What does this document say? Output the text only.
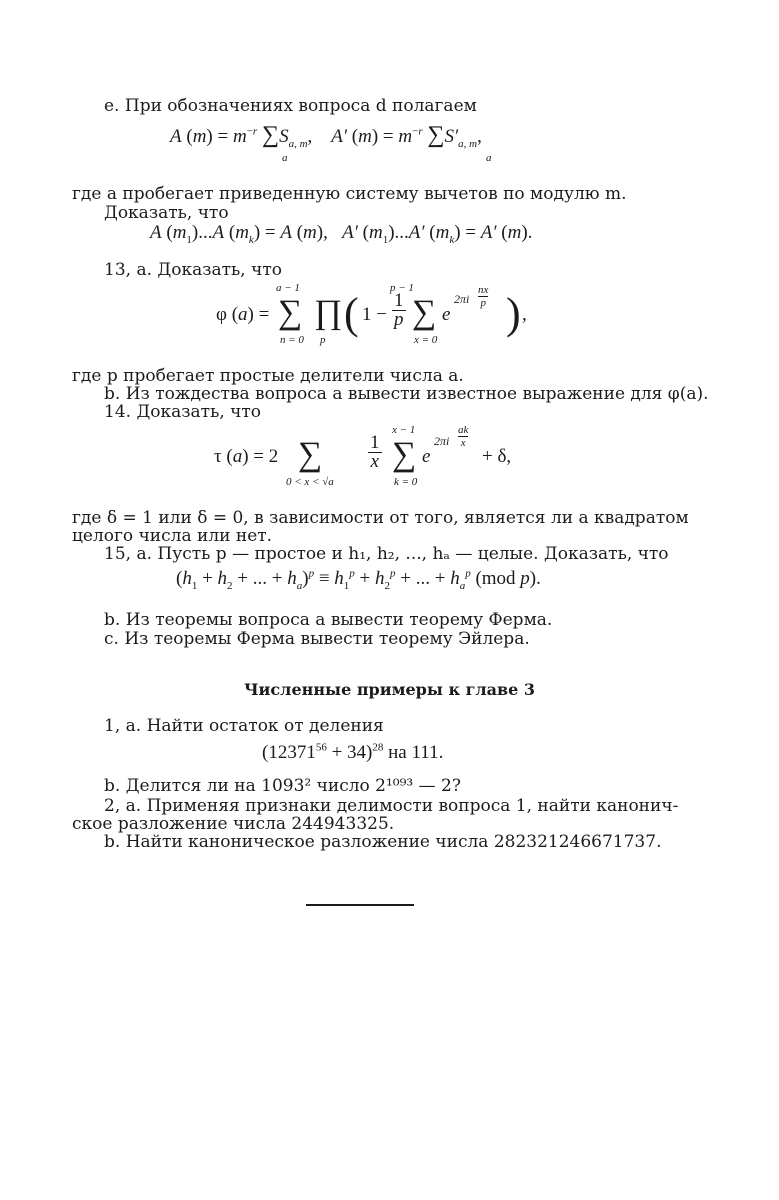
e. При обозначениях вопроса d полагаем
A $(m) = m^{-r}$ $\sum S_{a, m}$,    A′ $(m) = m^{-r}$ $\sum S'_{a, m}$,
a	a
где a пробегает приведенную систему вычетов по модулю m.
Доказать, что
A $(m_1)...A$ $(m_k) = A$ (m),   A′ $(m_1)...A'$ $(m_k) = A'$ (m).
13, a. Доказать, что
a − 1	p − 1
φ (a) = ∑ ∏ ( $1 - \frac{1}{p}$ ∑ e
2πi
nx
p ) ,
n = 0 p	x = 0
где p пробегает простые делители числа a.
b. Из тождества вопроса a вывести известное выражение для φ(a).
14. Доказать, что
x − 1
τ (a) = 2 ∑ $\frac{1}{x}$ ∑ e
2πi
ak
x
+ δ,
0 < x < √a	k = 0
где δ = 1 или δ = 0, в зависимости от того, является ли a квадратом
целого числа или нет.
15, a. Пусть p — простое и h₁, h₂, ..., hₐ — целые. Доказать, что
($h_1 + h_2$ + ... + $h_a)^p \equiv h_1^p + h_2^p$ + ... + $h_a^p$ (mod p).
b. Из теоремы вопроса a вывести теорему Ферма.
c. Из теоремы Ферма вывести теорему Эйлера.
Численные примеры к главе 3
1, a. Найти остаток от деления
$(12371^{56} + 34)^{28}$ на 111.
b. Делится ли на 1093² число 2¹⁰⁹³ — 2?
2, a. Применяя признаки делимости вопроса 1, найти канонич-
ское разложение числа 244943325.
b. Найти каноническое разложение числа 282321246671737.
